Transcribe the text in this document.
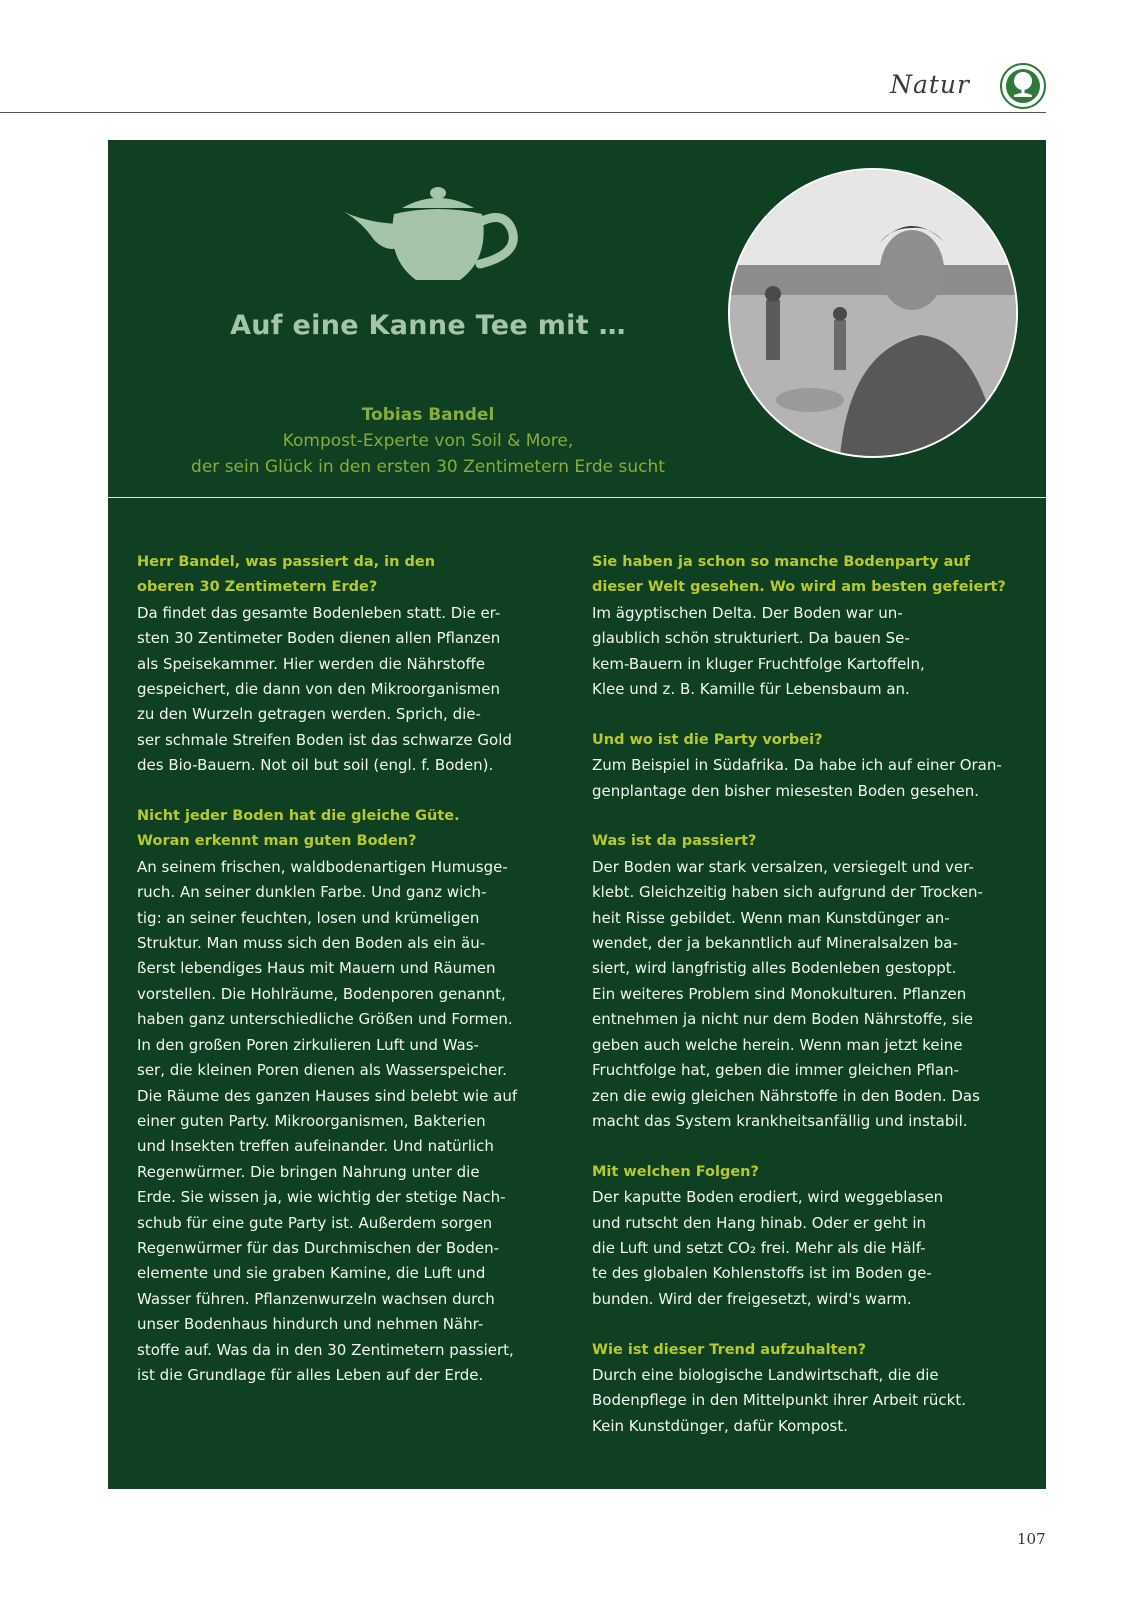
Natur
Auf eine Kanne Tee mit …
Tobias Bandel
Kompost-Experte von Soil & More,
der sein Glück in den ersten 30 Zentimetern Erde sucht
Herr Bandel, was passiert da, in den
oberen 30 Zentimetern Erde?
Da findet das gesamte Bodenleben statt. Die er-
sten 30 Zentimeter Boden dienen allen Pflanzen
als Speisekammer. Hier werden die Nährstoffe
gespeichert, die dann von den Mikroorganismen
zu den Wurzeln getragen werden. Sprich, die-
ser schmale Streifen Boden ist das schwarze Gold
des Bio-Bauern. Not oil but soil (engl. f. Boden).
Nicht jeder Boden hat die gleiche Güte.
Woran erkennt man guten Boden?
An seinem frischen, waldbodenartigen Humusge-
ruch. An seiner dunklen Farbe. Und ganz wich-
tig: an seiner feuchten, losen und krümeligen
Struktur. Man muss sich den Boden als ein äu-
ßerst lebendiges Haus mit Mauern und Räumen
vorstellen. Die Hohlräume, Bodenporen genannt,
haben ganz unterschiedliche Größen und Formen.
In den großen Poren zirkulieren Luft und Was-
ser, die kleinen Poren dienen als Wasserspeicher.
Die Räume des ganzen Hauses sind belebt wie auf
einer guten Party. Mikroorganismen, Bakterien
und Insekten treffen aufeinander. Und natürlich
Regenwürmer. Die bringen Nahrung unter die
Erde. Sie wissen ja, wie wichtig der stetige Nach-
schub für eine gute Party ist. Außerdem sorgen
Regenwürmer für das Durchmischen der Boden-
elemente und sie graben Kamine, die Luft und
Wasser führen. Pflanzenwurzeln wachsen durch
unser Bodenhaus hindurch und nehmen Nähr-
stoffe auf. Was da in den 30 Zentimetern passiert,
ist die Grundlage für alles Leben auf der Erde.
Sie haben ja schon so manche Bodenparty auf
dieser Welt gesehen. Wo wird am besten gefeiert?
Im ägyptischen Delta. Der Boden war un-
glaublich schön strukturiert. Da bauen Se-
kem-Bauern in kluger Fruchtfolge Kartoffeln,
Klee und z. B. Kamille für Lebensbaum an.
Und wo ist die Party vorbei?
Zum Beispiel in Südafrika. Da habe ich auf einer Oran-
genplantage den bisher miesesten Boden gesehen.
Was ist da passiert?
Der Boden war stark versalzen, versiegelt und ver-
klebt. Gleichzeitig haben sich aufgrund der Trocken-
heit Risse gebildet. Wenn man Kunstdünger an-
wendet, der ja bekanntlich auf Mineralsalzen ba-
siert, wird langfristig alles Bodenleben gestoppt.
Ein weiteres Problem sind Monokulturen. Pflanzen
entnehmen ja nicht nur dem Boden Nährstoffe, sie
geben auch welche herein. Wenn man jetzt keine
Fruchtfolge hat, geben die immer gleichen Pflan-
zen die ewig gleichen Nährstoffe in den Boden. Das
macht das System krankheitsanfällig und instabil.
Mit welchen Folgen?
Der kaputte Boden erodiert, wird weggeblasen
und rutscht den Hang hinab. Oder er geht in
die Luft und setzt CO₂ frei. Mehr als die Hälf-
te des globalen Kohlenstoffs ist im Boden ge-
bunden. Wird der freigesetzt, wird's warm.
Wie ist dieser Trend aufzuhalten?
Durch eine biologische Landwirtschaft, die die
Bodenpflege in den Mittelpunkt ihrer Arbeit rückt.
Kein Kunstdünger, dafür Kompost.
107
